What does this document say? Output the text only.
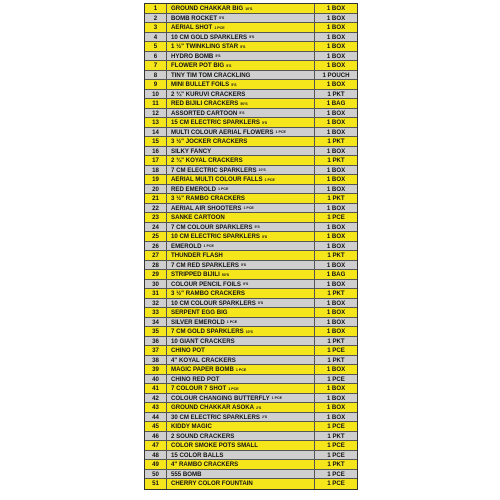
1	GROUND CHAKKAR BIG 10'S	1 BOX
2	BOMB ROCKET 5'S	1 BOX
3	AERIAL SHOT 1 PCE	1 BOX
4	10 CM GOLD SPARKLERS 5'S	1 BOX
5	1 ½" TWINKLING STAR 5'S	1 BOX
6	HYDRO BOMB 5'S	1 BOX
7	FLOWER POT BIG 5'S	1 BOX
8	TINY TIM TOM CRACKLING	1 POUCH
9	MINI BULLET FOILS 5'S	1 BOX
10	2 ¾" KURUVI CRACKERS	1 PKT
11	RED BIJILI CRACKERS 50'S	1 BAG
12	ASSORTED CARTOON 5'S	1 BOX
13	15 CM ELECTRIC SPARKLERS 5'S	1 BOX
14	MULTI COLOUR AERIAL FLOWERS 1 PCE	1 BOX
15	3 ½" JOCKER CRACKERS	1 PKT
16	SILKY FANCY	1 BOX
17	2 ¾" KOYAL CRACKERS	1 PKT
18	7 CM ELECTRIC SPARKLERS 10'S	1 BOX
19	AERIAL MULTI COLOUR FALLS 1 PCE	1 BOX
20	RED EMEROLD 1 PCE	1 BOX
21	3 ½" RAMBO CRACKERS	1 PKT
22	AERIAL AIR SHOOTERS 1 PCE	1 BOX
23	SANKE CARTOON	1 PCE
24	7 CM COLOUR SPARKLERS 5'S	1 BOX
25	10 CM ELECTRIC SPARKLERS 5'S	1 BOX
26	EMEROLD 1 PCE	1 BOX
27	THUNDER FLASH	1 PKT
28	7 CM RED SPARKLERS 5'S	1 BOX
29	STRIPPED BIJILI 50'S	1 BAG
30	COLOUR PENCIL FOILS 5'S	1 BOX
31	3 ½" RAMBO CRACKERS	1 PKT
32	10 CM COLOUR SPARKLERS 5'S	1 BOX
33	SERPENT EGG BIG	1 BOX
34	SILVER EMEROLD 1 PCE	1 BOX
35	7 CM GOLD SPARKLERS 10'S	1 BOX
36	10 GIANT CRACKERS	1 PKT
37	CHINO POT	1 PCE
38	4" KOYAL CRACKERS	1 PKT
39	MAGIC PAPER BOMB 1 PCE	1 BOX
40	CHINO RED POT	1 PCE
41	7 COLOUR 7 SHOT 1 PCE	1 BOX
42	COLOUR CHANGING BUTTERFLY 1 PCE	1 BOX
43	GROUND CHAKKAR ASOKA 2'S	1 BOX
44	30 CM ELECTRIC SPARKLERS 2'S	1 BOX
45	KIDDY MAGIC	1 PCE
46	2 SOUND CRACKERS	1 PKT
47	COLOR SMOKE POTS SMALL	1 PCE
48	15 COLOR BALLS	1 PCE
49	4" RAMBO CRACKERS	1 PKT
50	555 BOMB	1 PCE
51	CHERRY COLOR FOUNTAIN	1 PCE
